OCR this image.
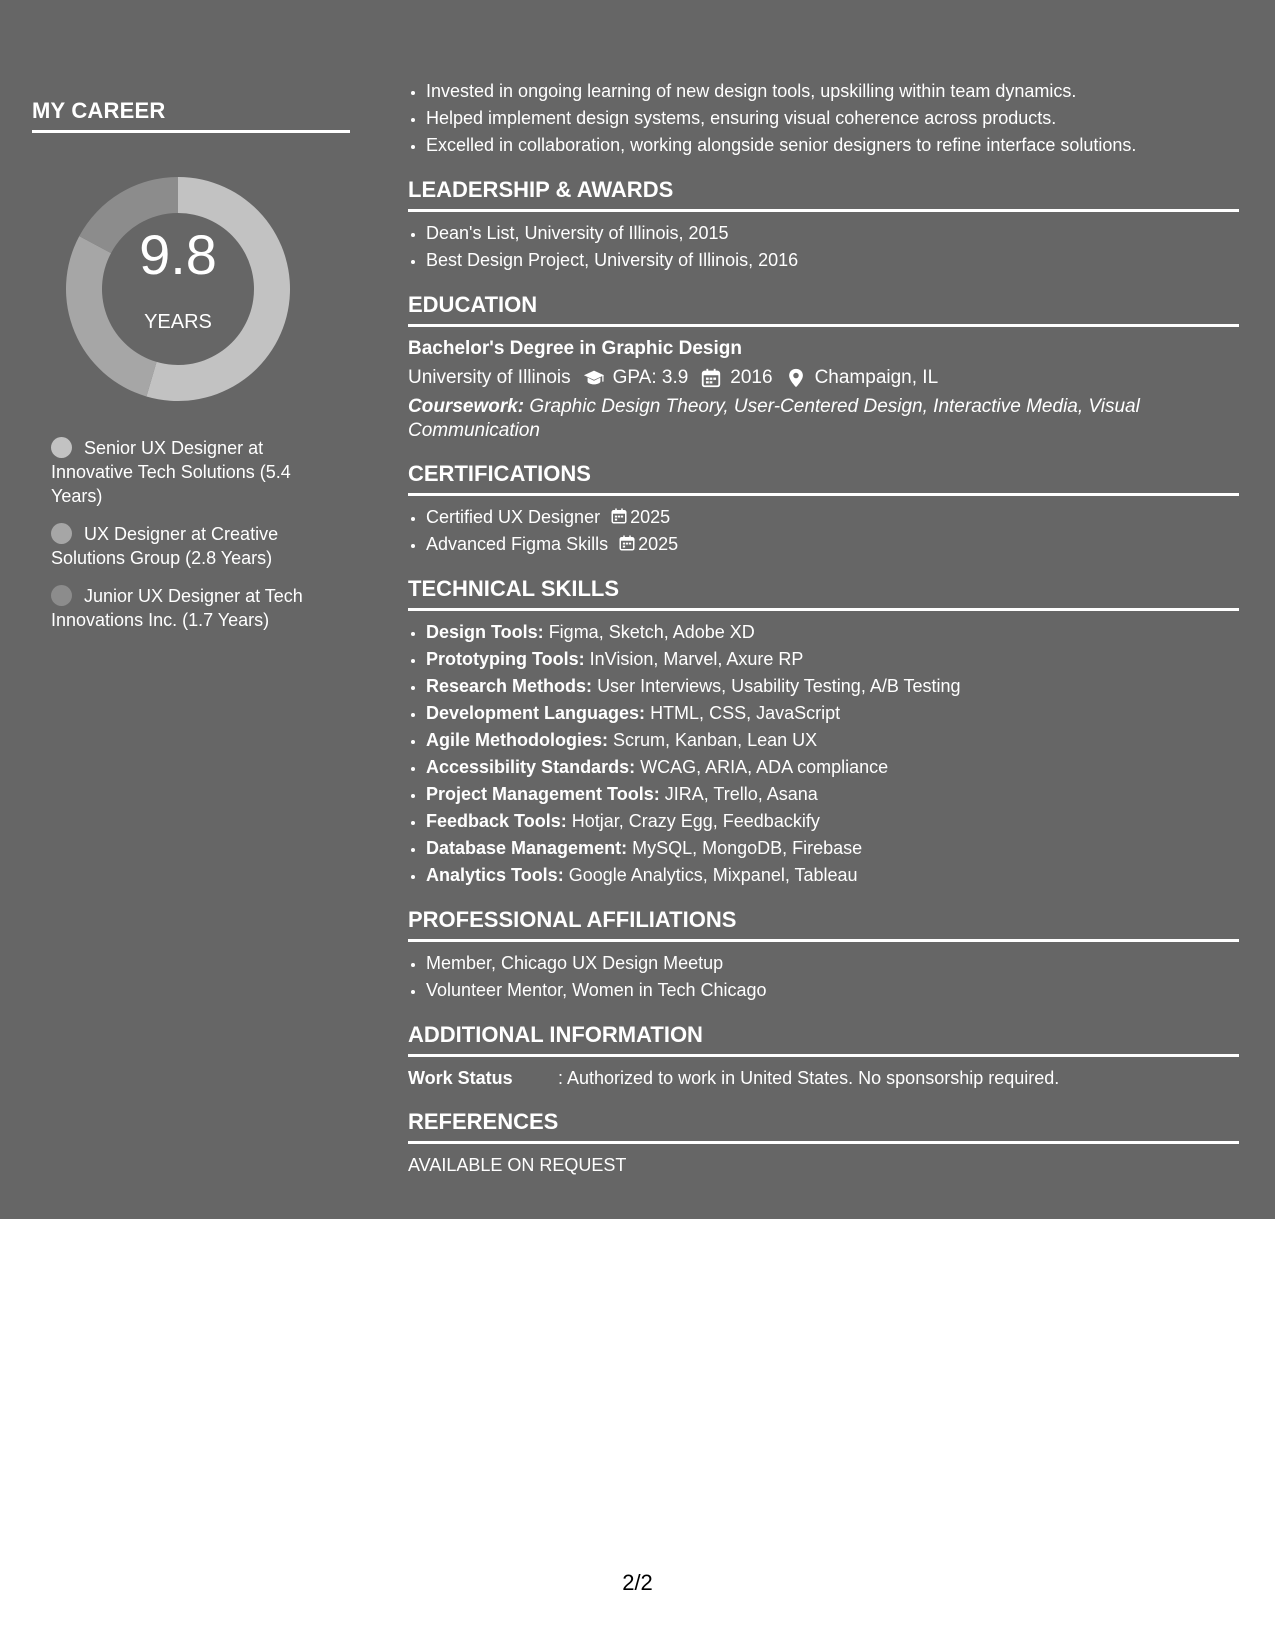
MY CAREER
9.8
YEARS
Senior UX Designer at Innovative Tech Solutions (5.4 Years)
UX Designer at Creative Solutions Group (2.8 Years)
Junior UX Designer at Tech Innovations Inc. (1.7 Years)
• Invested in ongoing learning of new design tools, upskilling within team dynamics.
• Helped implement design systems, ensuring visual coherence across products.
• Excelled in collaboration, working alongside senior designers to refine interface solutions.
LEADERSHIP & AWARDS
• Dean's List, University of Illinois, 2015
• Best Design Project, University of Illinois, 2016
EDUCATION
Bachelor's Degree in Graphic Design
University of Illinois GPA: 3.9 2016 Champaign, IL
Coursework: Graphic Design Theory, User-Centered Design, Interactive Media, Visual Communication
CERTIFICATIONS
• Certified UX Designer 2025
• Advanced Figma Skills 2025
TECHNICAL SKILLS
• Design Tools: Figma, Sketch, Adobe XD
• Prototyping Tools: InVision, Marvel, Axure RP
• Research Methods: User Interviews, Usability Testing, A/B Testing
• Development Languages: HTML, CSS, JavaScript
• Agile Methodologies: Scrum, Kanban, Lean UX
• Accessibility Standards: WCAG, ARIA, ADA compliance
• Project Management Tools: JIRA, Trello, Asana
• Feedback Tools: Hotjar, Crazy Egg, Feedbackify
• Database Management: MySQL, MongoDB, Firebase
• Analytics Tools: Google Analytics, Mixpanel, Tableau
PROFESSIONAL AFFILIATIONS
• Member, Chicago UX Design Meetup
• Volunteer Mentor, Women in Tech Chicago
ADDITIONAL INFORMATION
Work Status	: Authorized to work in United States. No sponsorship required.
REFERENCES
AVAILABLE ON REQUEST
2/2
